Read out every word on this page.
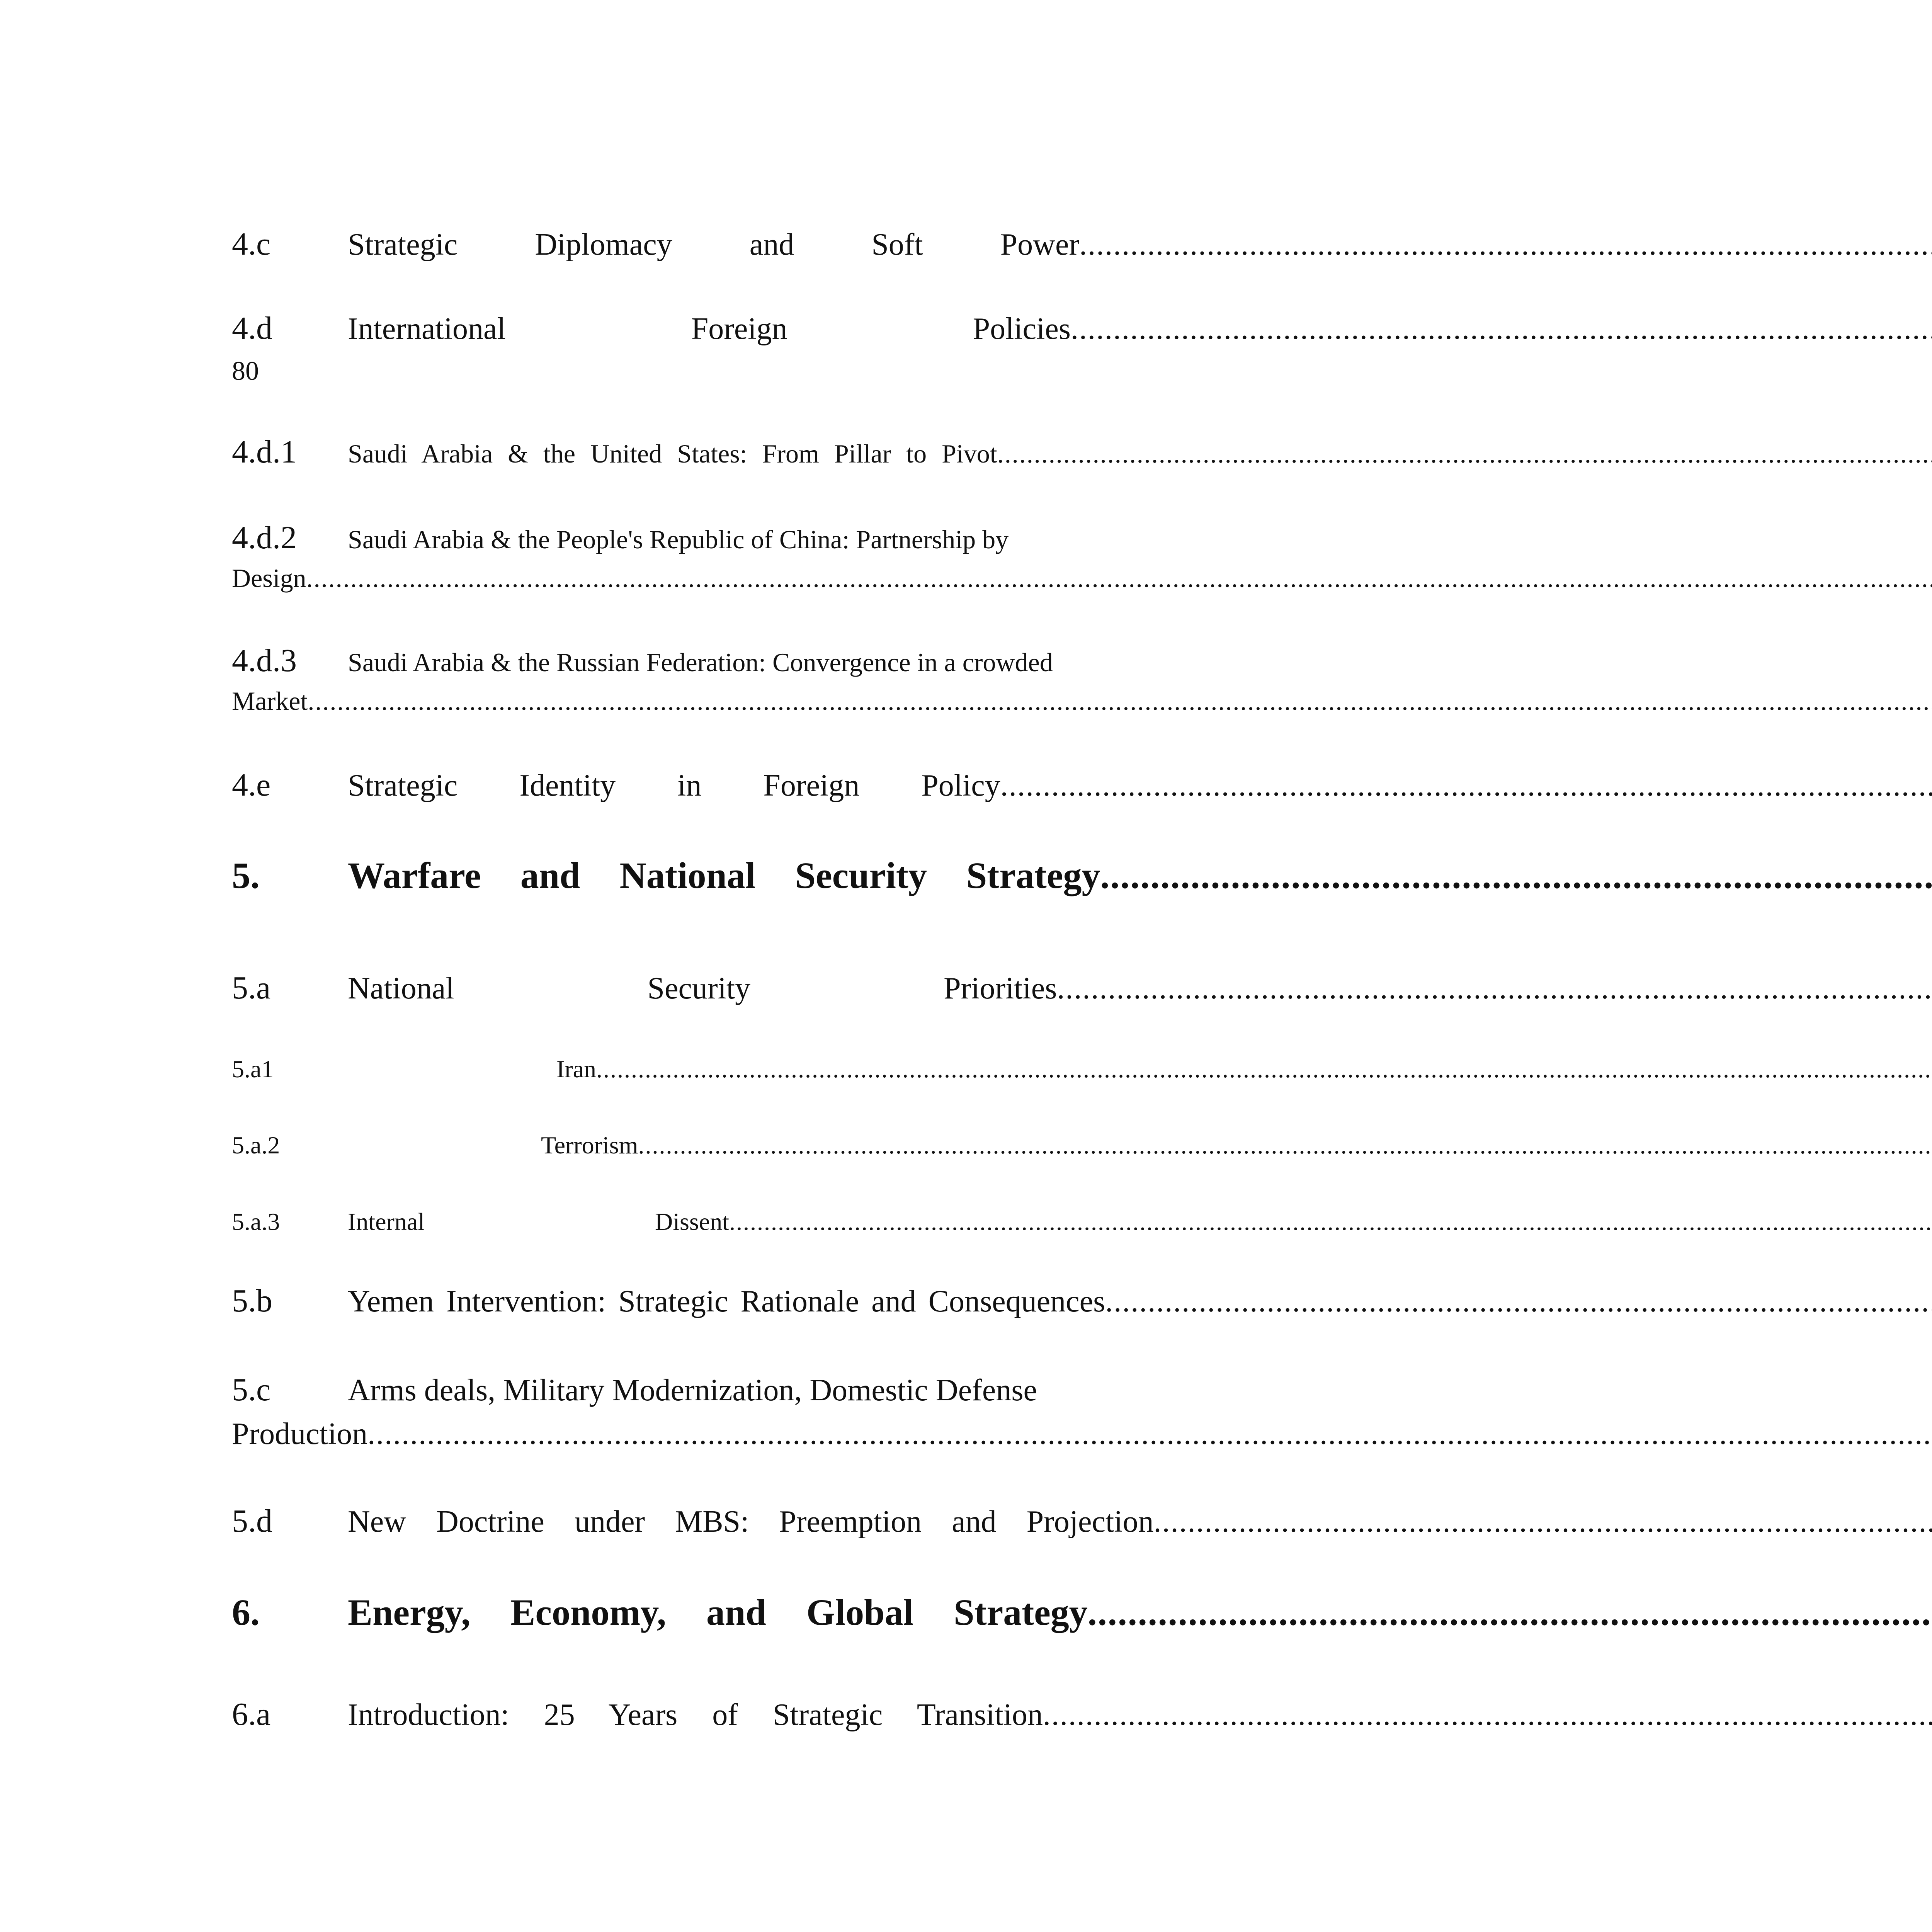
4.c	Strategic Diplomacy and Soft Power
.....
4.d	International Foreign Policies
.....
80
4.d.1	Saudi Arabia & the United States: From Pillar to Pivot
.....
4.d.2	Saudi Arabia & the People's Republic of China: Partnership by
Design
.....
4.d.3	Saudi Arabia & the Russian Federation: Convergence in a crowded
Market
.....
4.e	Strategic Identity in Foreign Policy
.....
5.	Warfare and National Security Strategy
.....
5.a	National Security Priorities
.....
5.a1	Iran
.....
5.a.2	Terrorism
.....
5.a.3	Internal Dissent
.....
5.b	Yemen Intervention: Strategic Rationale and Consequences
.....
5.c	Arms deals, Military Modernization, Domestic Defense
Production
.....
5.d	New Doctrine under MBS: Preemption and Projection
.....
6.	Energy, Economy, and Global Strategy
.....
6.a	Introduction: 25 Years of Strategic Transition
.....
